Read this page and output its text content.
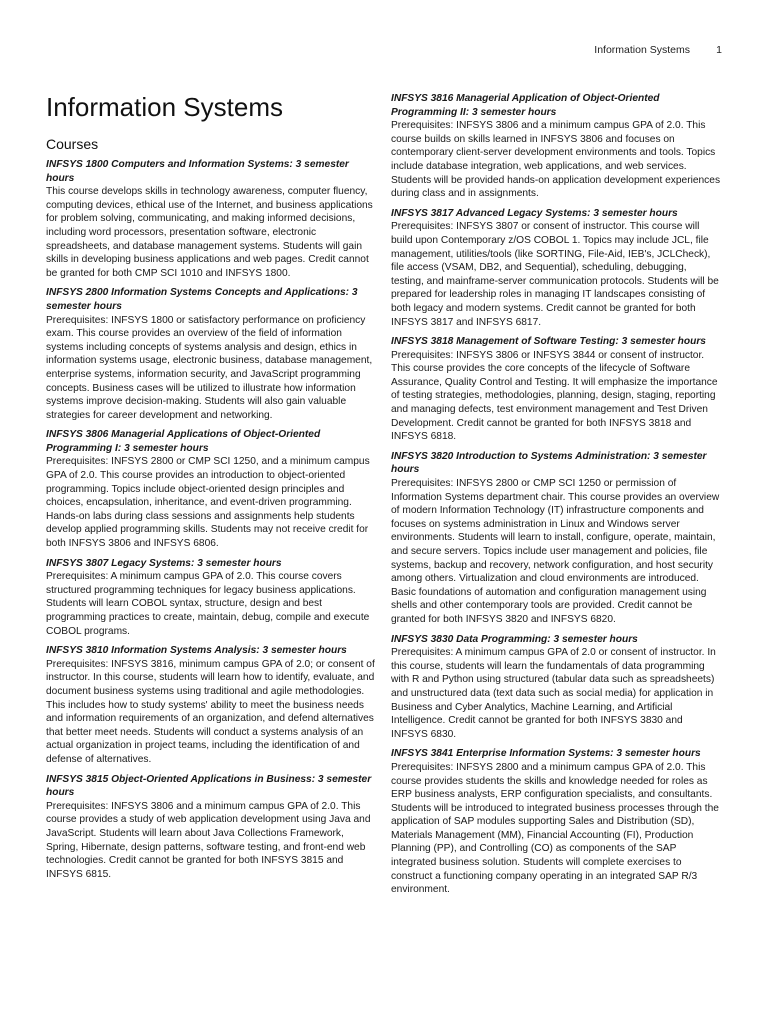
Information Systems 1
Information Systems
Courses

INFSYS 1800 Computers and Information Systems: 3 semester hours

This course develops skills in technology awareness, computer fluency, computing devices, ethical use of the Internet, and business applications for problem solving, communicating, and making informed decisions, including word processors, presentation software, electronic spreadsheets, and database management systems. Students will gain skills in developing business applications and web pages. Credit cannot be granted for both CMP SCI 1010 and INFSYS 1800.

INFSYS 2800 Information Systems Concepts and Applications: 3 semester hours

Prerequisites: INFSYS 1800 or satisfactory performance on proficiency exam. This course provides an overview of the field of information systems including concepts of systems analysis and design, ethics in information systems usage, electronic business, database management, enterprise systems, information security, and JavaScript programming concepts. Business cases will be utilized to illustrate how information systems improve decision-making. Students will also gain valuable strategies for career development and networking.

INFSYS 3806 Managerial Applications of Object-Oriented Programming I: 3 semester hours

Prerequisites: INFSYS 2800 or CMP SCI 1250, and a minimum campus GPA of 2.0. This course provides an introduction to object-oriented programming. Topics include object-oriented design principles and choices, encapsulation, inheritance, and event-driven programming. Hands-on labs during class sessions and assignments help students develop applied programming skills. Students may not receive credit for both INFSYS 3806 and INFSYS 6806.

INFSYS 3807 Legacy Systems: 3 semester hours

Prerequisites: A minimum campus GPA of 2.0. This course covers structured programming techniques for legacy business applications. Students will learn COBOL syntax, structure, design and best programming practices to create, maintain, debug, compile and execute COBOL programs.

INFSYS 3810 Information Systems Analysis: 3 semester hours

Prerequisites: INFSYS 3816, minimum campus GPA of 2.0; or consent of instructor. In this course, students will learn how to identify, evaluate, and document business systems using traditional and agile methodologies. This includes how to study systems' ability to meet the business needs and information requirements of an organization, and defend alternatives that better meet needs. Students will conduct a systems analysis of an actual organization in project teams, including the identification of and defense of alternatives.

INFSYS 3815 Object-Oriented Applications in Business: 3 semester hours

Prerequisites: INFSYS 3806 and a minimum campus GPA of 2.0. This course provides a study of web application development using Java and JavaScript. Students will learn about Java Collections Framework, Spring, Hibernate, design patterns, software testing, and front-end web technologies. Credit cannot be granted for both INFSYS 3815 and INFSYS 6815.

INFSYS 3816 Managerial Application of Object-Oriented Programming II: 3 semester hours

Prerequisites: INFSYS 3806 and a minimum campus GPA of 2.0. This course builds on skills learned in INFSYS 3806 and focuses on contemporary client-server development environments and tools. Topics include database integration, web applications, and web services. Students will be provided hands-on application development experiences during class and in assignments.

INFSYS 3817 Advanced Legacy Systems: 3 semester hours

Prerequisites: INFSYS 3807 or consent of instructor. This course will build upon Contemporary z/OS COBOL 1. Topics may include JCL, file management, utilities/tools (like SORTING, File-Aid, IEB's, JCLCheck), file access (VSAM, DB2, and Sequential), scheduling, debugging, testing, and mainframe-server communication protocols. Students will be prepared for leadership roles in managing IT landscapes consisting of both legacy and modern systems. Credit cannot be granted for both INFSYS 3817 and INFSYS 6817.

INFSYS 3818 Management of Software Testing: 3 semester hours

Prerequisites: INFSYS 3806 or INFSYS 3844 or consent of instructor. This course provides the core concepts of the lifecycle of Software Assurance, Quality Control and Testing. It will emphasize the importance of testing strategies, methodologies, planning, design, staging, reporting and managing defects, test environment management and Test Driven Development. Credit cannot be granted for both INFSYS 3818 and INFSYS 6818.

INFSYS 3820 Introduction to Systems Administration: 3 semester hours

Prerequisites: INFSYS 2800 or CMP SCI 1250 or permission of Information Systems department chair. This course provides an overview of modern Information Technology (IT) infrastructure components and focuses on systems administration in Linux and Windows server environments. Students will learn to install, configure, operate, maintain, and secure servers. Topics include user management and policies, file systems, backup and recovery, network configuration, and host security among others. Virtualization and cloud environments are introduced. Basic foundations of automation and configuration management using shells and other contemporary tools are provided. Credit cannot be granted for both INFSYS 3820 and INFSYS 6820.

INFSYS 3830 Data Programming: 3 semester hours

Prerequisites: A minimum campus GPA of 2.0 or consent of instructor. In this course, students will learn the fundamentals of data programming with R and Python using structured (tabular data such as spreadsheets) and unstructured data (text data such as social media) for application in Business and Cyber Analytics, Machine Learning, and Artificial Intelligence. Credit cannot be granted for both INFSYS 3830 and INFSYS 6830.

INFSYS 3841 Enterprise Information Systems: 3 semester hours

Prerequisites: INFSYS 2800 and a minimum campus GPA of 2.0. This course provides students the skills and knowledge needed for roles as ERP business analysts, ERP configuration specialists, and consultants. Students will be introduced to integrated business processes through the application of SAP modules supporting Sales and Distribution (SD), Materials Management (MM), Financial Accounting (FI), Production Planning (PP), and Controlling (CO) as components of the SAP integrated business solution. Students will complete exercises to construct a functioning company operating in an integrated SAP R/3 environment.
